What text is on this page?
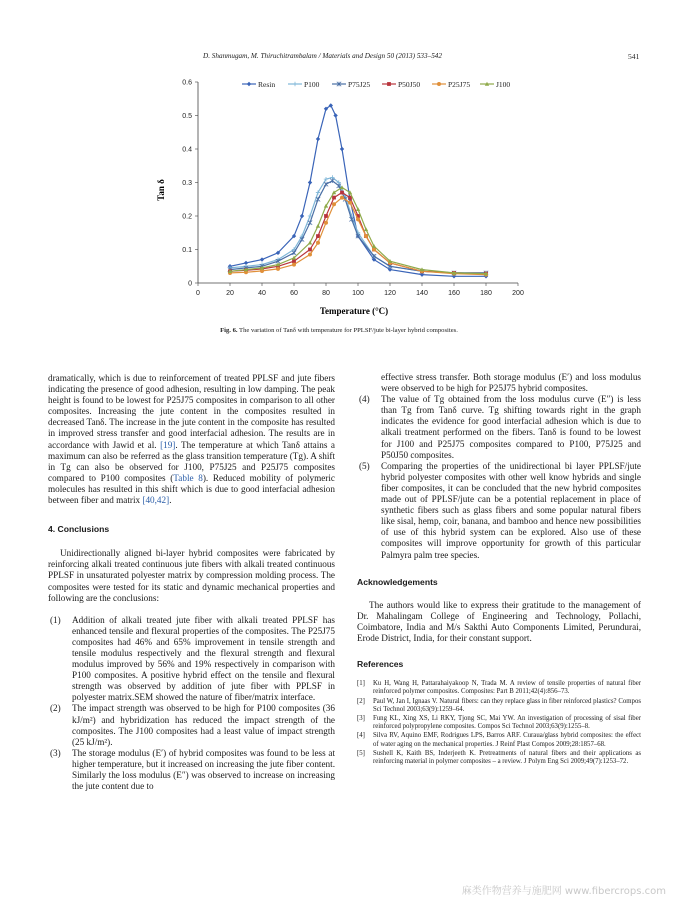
D. Shanmugam, M. Thiruchitrambalam / Materials and Design 50 (2013) 533–542	541
0	20	40	60	80	100	120	140	160	180	200
0
0.1
0.2
0.3
0.4
0.5
0.6	Resin	P100	P75J25	P50J50	P25J75	J100
Tan δ
Temperature (°C)
Fig. 6. The variation of Tanδ with temperature for PPLSF/jute bi-layer hybrid composites.

dramatically, which is due to reinforcement of treated PPLSF and jute fibers indicating the presence of good adhesion, resulting in low damping. The peak height is found to be lowest for P25J75 composites in comparison to all other composites. Increasing the jute content in the composites resulted in decreased Tanδ. The increase in the jute content in the composite has resulted in improved stress transfer and good interfacial adhesion. The results are in accordance with Jawid et al. [19]. The temperature at which Tanδ attains a maximum can also be referred as the glass transition temperature (Tg). A shift in Tg can also be observed for J100, P75J25 and P25J75 composites compared to P100 composites (Table 8). Reduced mobility of polymeric molecules has resulted in this shift which is due to good interfacial adhesion between fiber and matrix [40,42].

4. Conclusions

Unidirectionally aligned bi-layer hybrid composites were fabricated by reinforcing alkali treated continuous jute fibers with alkali treated continuous PPLSF in unsaturated polyester matrix by compression molding process. The composites were tested for its static and dynamic mechanical properties and following are the conclusions:

(1)	Addition of alkali treated jute fiber with alkali treated PPLSF has enhanced tensile and flexural properties of the composites. The P25J75 composites had 46% and 65% improvement in tensile strength and tensile modulus respectively and the flexural strength and flexural modulus improved by 56% and 19% respectively in comparison with P100 composites. A positive hybrid effect on the tensile and flexural strength was observed by addition of jute fiber with PPLSF in polyester matrix.SEM showed the nature of fiber/matrix interface.
(2)	The impact strength was observed to be high for P100 composites (36 kJ/m²) and hybridization has reduced the impact strength of the composites. The J100 composites had a least value of impact strength (25 kJ/m²).
(3)	The storage modulus (E′) of hybrid composites was found to be less at higher temperature, but it increased on increasing the jute fiber content. Similarly the loss modulus (E″) was observed to increase on increasing the jute content due to

effective stress transfer. Both storage modulus (E′) and loss modulus were observed to be high for P25J75 hybrid composites.

(4)	The value of Tg obtained from the loss modulus curve (E″) is less than Tg from Tanδ curve. Tg shifting towards right in the graph indicates the evidence for good interfacial adhesion which is due to alkali treatment performed on the fibers. Tanδ is found to be lowest for J100 and P25J75 composites compared to P100, P75J25 and P50J50 composites.
(5)	Comparing the properties of the unidirectional bi layer PPLSF/jute hybrid polyester composites with other well know hybrids and single fiber composites, it can be concluded that the new hybrid composites made out of PPLSF/jute can be a potential replacement in place of synthetic fibers such as glass fibers and some popular natural fibers like sisal, hemp, coir, banana, and bamboo and hence new possibilities of use of this hybrid system can be explored. Also use of these composites will improve opportunity for growth of this particular Palmyra palm tree species.

Acknowledgements

The authors would like to express their gratitude to the management of Dr. Mahalingam College of Engineering and Technology, Pollachi, Coimbatore, India and M/s Sakthi Auto Components Limited, Perundurai, Erode District, India, for their constant support.

References

[1]	Ku H, Wang H, Pattarahaiyakoop N, Trada M. A review of tensile properties of natural fiber reinforced polymer composites. Composites: Part B 2011;42(4):856–73.
[2]	Paul W, Jan I, Ignaas V. Natural fibers: can they replace glass in fiber reinforced plastics? Compos Sci Technol 2003;63(9):1259–64.
[3]	Fung KL, Xing XS, Li RKY, Tjong SC, Mai YW. An investigation of processing of sisal fiber reinforced polypropylene composites. Compos Sci Technol 2003;63(9):1255–8.
[4]	Silva RV, Aquino EMF, Rodrigues LPS, Barros ARF. Curaua/glass hybrid composites: the effect of water aging on the mechanical properties. J Reinf Plast Compos 2009;28:1857–68.
[5]	Sushell K, Kaith BS, Inderjeeth K. Pretreatments of natural fibers and their applications as reinforcing material in polymer composites – a review. J Polym Eng Sci 2009;49(7):1253–72.
麻类作物营养与施肥网 www.fibercrops.com
